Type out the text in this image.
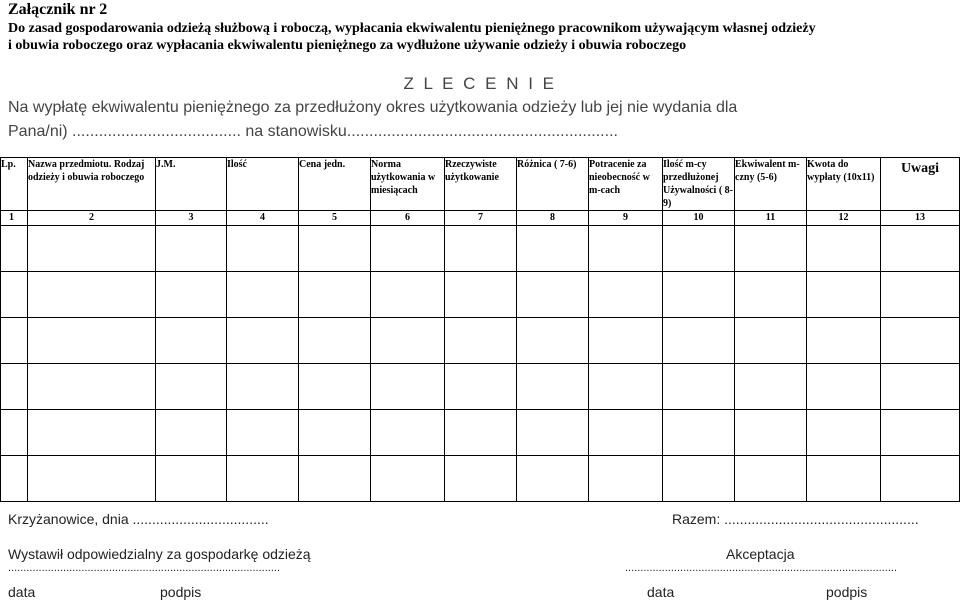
Załącznik nr 2
Do zasad gospodarowania odzieżą służbową i roboczą, wypłacania ekwiwalentu pieniężnego pracownikom używającym własnej odzieży
i obuwia roboczego oraz wypłacania ekwiwalentu pieniężnego za wydłużone używanie odzieży i obuwia roboczego
Z L E C E N I E
Na wypłatę ekwiwalentu pieniężnego za przedłużony okres użytkowania odzieży lub jej nie wydania dla
Pana/ni) ...................................... na stanowisku.............................................................
Lp.	Nazwa przedmiotu. Rodzaj odzieży i obuwia roboczego	J.M.	Ilość	Cena jedn.	Norma użytkowania w miesiącach	Rzeczywiste użytkowanie	Różnica ( 7-6)	Potracenie za nieobecność w m-cach	Ilość m-cy przedłużonej Używalności ( 8-9)	Ekwiwalent m-czny (5-6)	Kwota do wypłaty (10x11)	Uwagi
1	2	3	4	5	6	7	8	9	10	11	12	13

Krzyżanowice, dnia ...................................	Razem: ..................................................
Wystawił odpowiedzialny za gospodarkę odzieżą	Akceptacja
.........................................................................................	.........................................................................................
data	podpis	data	podpis
